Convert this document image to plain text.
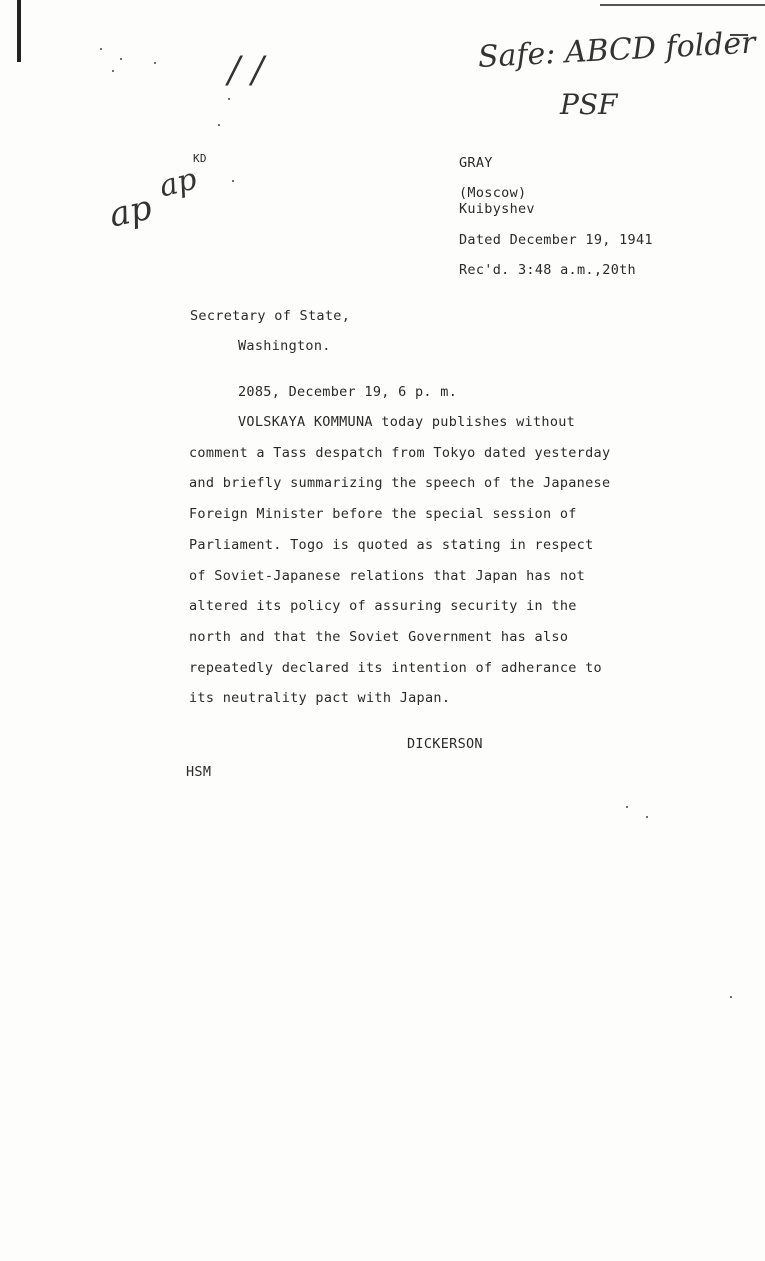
/ /	Safe: ABCD folder
PSF
ap
ap
KD	GRAY
(Moscow)
Kuibyshev
Dated December 19, 1941
Rec'd. 3:48 a.m.,20th
Secretary of State,
Washington.
2085, December 19, 6 p. m.
VOLSKAYA KOMMUNA today publishes without
comment a Tass despatch from Tokyo dated yesterday
and briefly summarizing the speech of the Japanese
Foreign Minister before the special session of
Parliament. Togo is quoted as stating in respect
of Soviet-Japanese relations that Japan has not
altered its policy of assuring security in the
north and that the Soviet Government has also
repeatedly declared its intention of adherance to
its neutrality pact with Japan.
DICKERSON
HSM
